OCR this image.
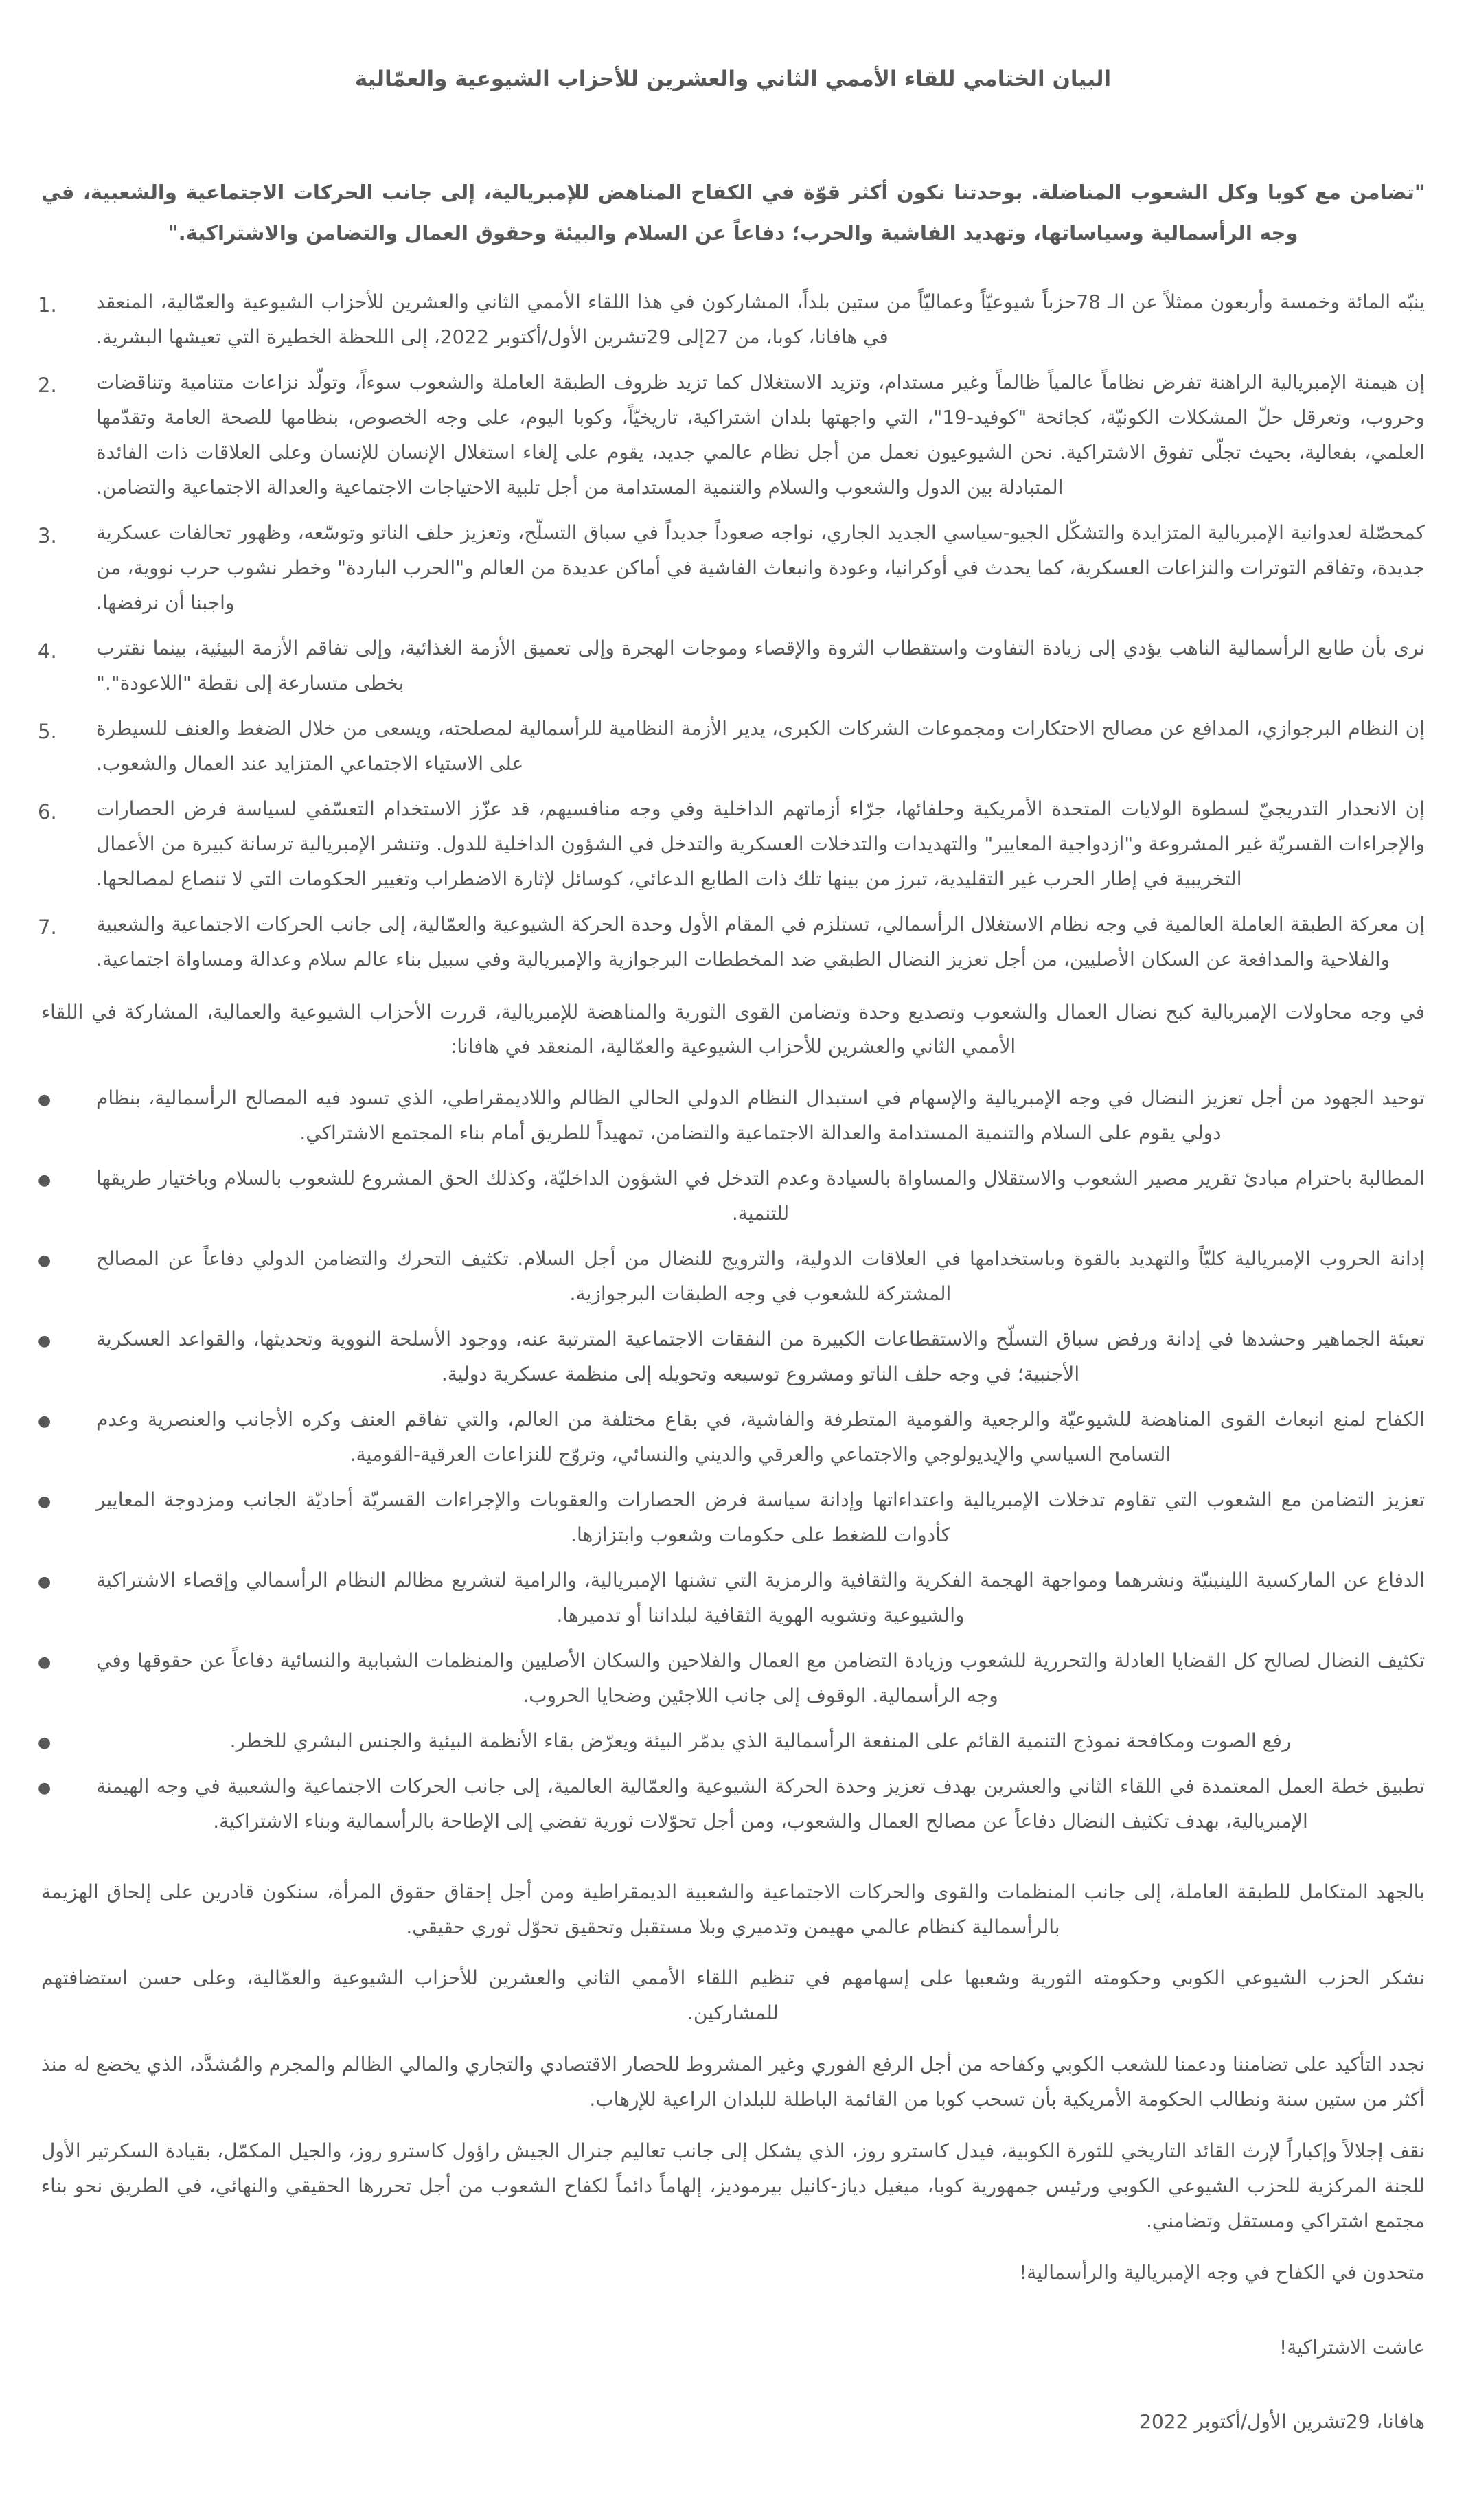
البيان الختامي للقاء الأممي الثاني والعشرين للأحزاب الشيوعية والعمّالية

"تضامن مع كوبا وكل الشعوب المناضلة. بوحدتنا نكون أكثر قوّة في الكفاح المناهض للإمبريالية، إلى جانب الحركات الاجتماعية والشعبية، في وجه الرأسمالية وسياساتها، وتهديد الفاشية والحرب؛ دفاعاً عن السلام والبيئة وحقوق العمال والتضامن والاشتراكية."

1. ينبّه المائة وخمسة وأربعون ممثلاً عن الـ 78حزباً شيوعيّاً وعماليّاً من ستين بلداً، المشاركون في هذا اللقاء الأممي الثاني والعشرين للأحزاب الشيوعية والعمّالية، المنعقد في هافانا، كوبا، من 27إلى 29تشرين الأول/أكتوبر 2022، إلى اللحظة الخطيرة التي تعيشها البشرية.
2. إن هيمنة الإمبريالية الراهنة تفرض نظاماً عالمياً ظالماً وغير مستدام، وتزيد الاستغلال كما تزيد ظروف الطبقة العاملة والشعوب سوءاً، وتولّد نزاعات متنامية وتناقضات وحروب، وتعرقل حلّ المشكلات الكونيّة، كجائحة "كوفيد-19"، التي واجهتها بلدان اشتراكية، تاريخيّاً، وكوبا اليوم، على وجه الخصوص، بنظامها للصحة العامة وتقدّمها العلمي، بفعالية، بحيث تجلّى تفوق الاشتراكية. نحن الشيوعيون نعمل من أجل نظام عالمي جديد، يقوم على إلغاء استغلال الإنسان للإنسان وعلى العلاقات ذات الفائدة المتبادلة بين الدول والشعوب والسلام والتنمية المستدامة من أجل تلبية الاحتياجات الاجتماعية والعدالة الاجتماعية والتضامن.
3. كمحصّلة لعدوانية الإمبريالية المتزايدة والتشكّل الجيو-سياسي الجديد الجاري، نواجه صعوداً جديداً في سباق التسلّح، وتعزيز حلف الناتو وتوسّعه، وظهور تحالفات عسكرية جديدة، وتفاقم التوترات والنزاعات العسكرية، كما يحدث في أوكرانيا، وعودة وانبعاث الفاشية في أماكن عديدة من العالم و"الحرب الباردة" وخطر نشوب حرب نووية، من واجبنا أن نرفضها.
4. نرى بأن طابع الرأسمالية الناهب يؤدي إلى زيادة التفاوت واستقطاب الثروة والإقصاء وموجات الهجرة وإلى تعميق الأزمة الغذائية، وإلى تفاقم الأزمة البيئية، بينما نقترب بخطى متسارعة إلى نقطة "اللاعودة"."
5. إن النظام البرجوازي، المدافع عن مصالح الاحتكارات ومجموعات الشركات الكبرى، يدير الأزمة النظامية للرأسمالية لمصلحته، ويسعى من خلال الضغط والعنف للسيطرة على الاستياء الاجتماعي المتزايد عند العمال والشعوب.
6. إن الانحدار التدريجيّ لسطوة الولايات المتحدة الأمريكية وحلفائها، جرّاء أزماتهم الداخلية وفي وجه منافسيهم، قد عزّز الاستخدام التعسّفي لسياسة فرض الحصارات والإجراءات القسريّة غير المشروعة و"ازدواجية المعايير" والتهديدات والتدخلات العسكرية والتدخل في الشؤون الداخلية للدول. وتنشر الإمبريالية ترسانة كبيرة من الأعمال التخريبية في إطار الحرب غير التقليدية، تبرز من بينها تلك ذات الطابع الدعائي، كوسائل لإثارة الاضطراب وتغيير الحكومات التي لا تنصاع لمصالحها.
7. إن معركة الطبقة العاملة العالمية في وجه نظام الاستغلال الرأسمالي، تستلزم في المقام الأول وحدة الحركة الشيوعية والعمّالية، إلى جانب الحركات الاجتماعية والشعبية والفلاحية والمدافعة عن السكان الأصليين، من أجل تعزيز النضال الطبقي ضد المخططات البرجوازية والإمبريالية وفي سبيل بناء عالم سلام وعدالة ومساواة اجتماعية.

في وجه محاولات الإمبريالية كبح نضال العمال والشعوب وتصديع وحدة وتضامن القوى الثورية والمناهضة للإمبريالية، قررت الأحزاب الشيوعية والعمالية، المشاركة في اللقاء الأممي الثاني والعشرين للأحزاب الشيوعية والعمّالية، المنعقد في هافانا:

● توحيد الجهود من أجل تعزيز النضال في وجه الإمبريالية والإسهام في استبدال النظام الدولي الحالي الظالم واللاديمقراطي، الذي تسود فيه المصالح الرأسمالية، بنظام دولي يقوم على السلام والتنمية المستدامة والعدالة الاجتماعية والتضامن، تمهيداً للطريق أمام بناء المجتمع الاشتراكي.
● المطالبة باحترام مبادئ تقرير مصير الشعوب والاستقلال والمساواة بالسيادة وعدم التدخل في الشؤون الداخليّة، وكذلك الحق المشروع للشعوب بالسلام وباختيار طريقها للتنمية.
● إدانة الحروب الإمبريالية كليّاً والتهديد بالقوة وباستخدامها في العلاقات الدولية، والترويج للنضال من أجل السلام. تكثيف التحرك والتضامن الدولي دفاعاً عن المصالح المشتركة للشعوب في وجه الطبقات البرجوازية.
● تعبئة الجماهير وحشدها في إدانة ورفض سباق التسلّح والاستقطاعات الكبيرة من النفقات الاجتماعية المترتبة عنه، ووجود الأسلحة النووية وتحديثها، والقواعد العسكرية الأجنبية؛ في وجه حلف الناتو ومشروع توسيعه وتحويله إلى منظمة عسكرية دولية.
● الكفاح لمنع انبعاث القوى المناهضة للشيوعيّة والرجعية والقومية المتطرفة والفاشية، في بقاع مختلفة من العالم، والتي تفاقم العنف وكره الأجانب والعنصرية وعدم التسامح السياسي والإيديولوجي والاجتماعي والعرقي والديني والنسائي، وتروّج للنزاعات العرقية-القومية.
● تعزيز التضامن مع الشعوب التي تقاوم تدخلات الإمبريالية واعتداءاتها وإدانة سياسة فرض الحصارات والعقوبات والإجراءات القسريّة أحاديّة الجانب ومزدوجة المعايير كأدوات للضغط على حكومات وشعوب وابتزازها.
● الدفاع عن الماركسية اللينينيّة ونشرهما ومواجهة الهجمة الفكرية والثقافية والرمزية التي تشنها الإمبريالية، والرامية لتشريع مظالم النظام الرأسمالي وإقصاء الاشتراكية والشيوعية وتشويه الهوية الثقافية لبلداننا أو تدميرها.
● تكثيف النضال لصالح كل القضايا العادلة والتحررية للشعوب وزيادة التضامن مع العمال والفلاحين والسكان الأصليين والمنظمات الشبابية والنسائية دفاعاً عن حقوقها وفي وجه الرأسمالية. الوقوف إلى جانب اللاجئين وضحايا الحروب.
●	رفع الصوت ومكافحة نموذج التنمية القائم على المنفعة الرأسمالية الذي يدمّر البيئة ويعرّض بقاء الأنظمة البيئية والجنس البشري للخطر.
● تطبيق خطة العمل المعتمدة في اللقاء الثاني والعشرين بهدف تعزيز وحدة الحركة الشيوعية والعمّالية العالمية، إلى جانب الحركات الاجتماعية والشعبية في وجه الهيمنة الإمبريالية، بهدف تكثيف النضال دفاعاً عن مصالح العمال والشعوب، ومن أجل تحوّلات ثورية تفضي إلى الإطاحة بالرأسمالية وبناء الاشتراكية.

بالجهد المتكامل للطبقة العاملة، إلى جانب المنظمات والقوى والحركات الاجتماعية والشعبية الديمقراطية ومن أجل إحقاق حقوق المرأة، سنكون قادرين على إلحاق الهزيمة بالرأسمالية كنظام عالمي مهيمن وتدميري وبلا مستقبل وتحقيق تحوّل ثوري حقيقي.

نشكر الحزب الشيوعي الكوبي وحكومته الثورية وشعبها على إسهامهم في تنظيم اللقاء الأممي الثاني والعشرين للأحزاب الشيوعية والعمّالية، وعلى حسن استضافتهم للمشاركين.

نجدد التأكيد على تضامننا ودعمنا للشعب الكوبي وكفاحه من أجل الرفع الفوري وغير المشروط للحصار الاقتصادي والتجاري والمالي الظالم والمجرم والمُشدَّد، الذي يخضع له منذ أكثر من ستين سنة ونطالب الحكومة الأمريكية بأن تسحب كوبا من القائمة الباطلة للبلدان الراعية للإرهاب.

نقف إجلالاً وإكباراً لإرث القائد التاريخي للثورة الكوبية، فيدل كاسترو روز، الذي يشكل إلى جانب تعاليم جنرال الجيش راؤول كاسترو روز، والجيل المكمّل، بقيادة السكرتير الأول للجنة المركزية للحزب الشيوعي الكوبي ورئيس جمهورية كوبا، ميغيل دياز-كانيل بيرموديز، إلهاماً دائماً لكفاح الشعوب من أجل تحررها الحقيقي والنهائي، في الطريق نحو بناء مجتمع اشتراكي ومستقل وتضامني.

متحدون في الكفاح في وجه الإمبريالية والرأسمالية!

عاشت الاشتراكية!

هافانا، 29تشرين الأول/أكتوبر 2022
